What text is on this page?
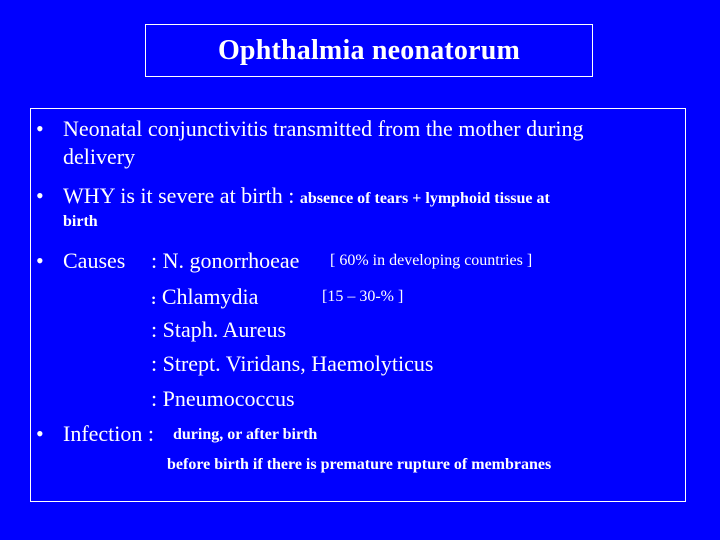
Ophthalmia neonatorum
• Neonatal conjunctivitis transmitted from the mother during
delivery
• WHY is it severe at birth : absence of tears + lymphoid tissue at
birth
• Causes : N. gonorrhoeae [ 60% in developing countries ]
: Chlamydia	[15 – 30-% ]
: Staph. Aureus
: Strept. Viridans, Haemolyticus
: Pneumococcus
• Infection : during, or after birth
before birth if there is premature rupture of membranes
